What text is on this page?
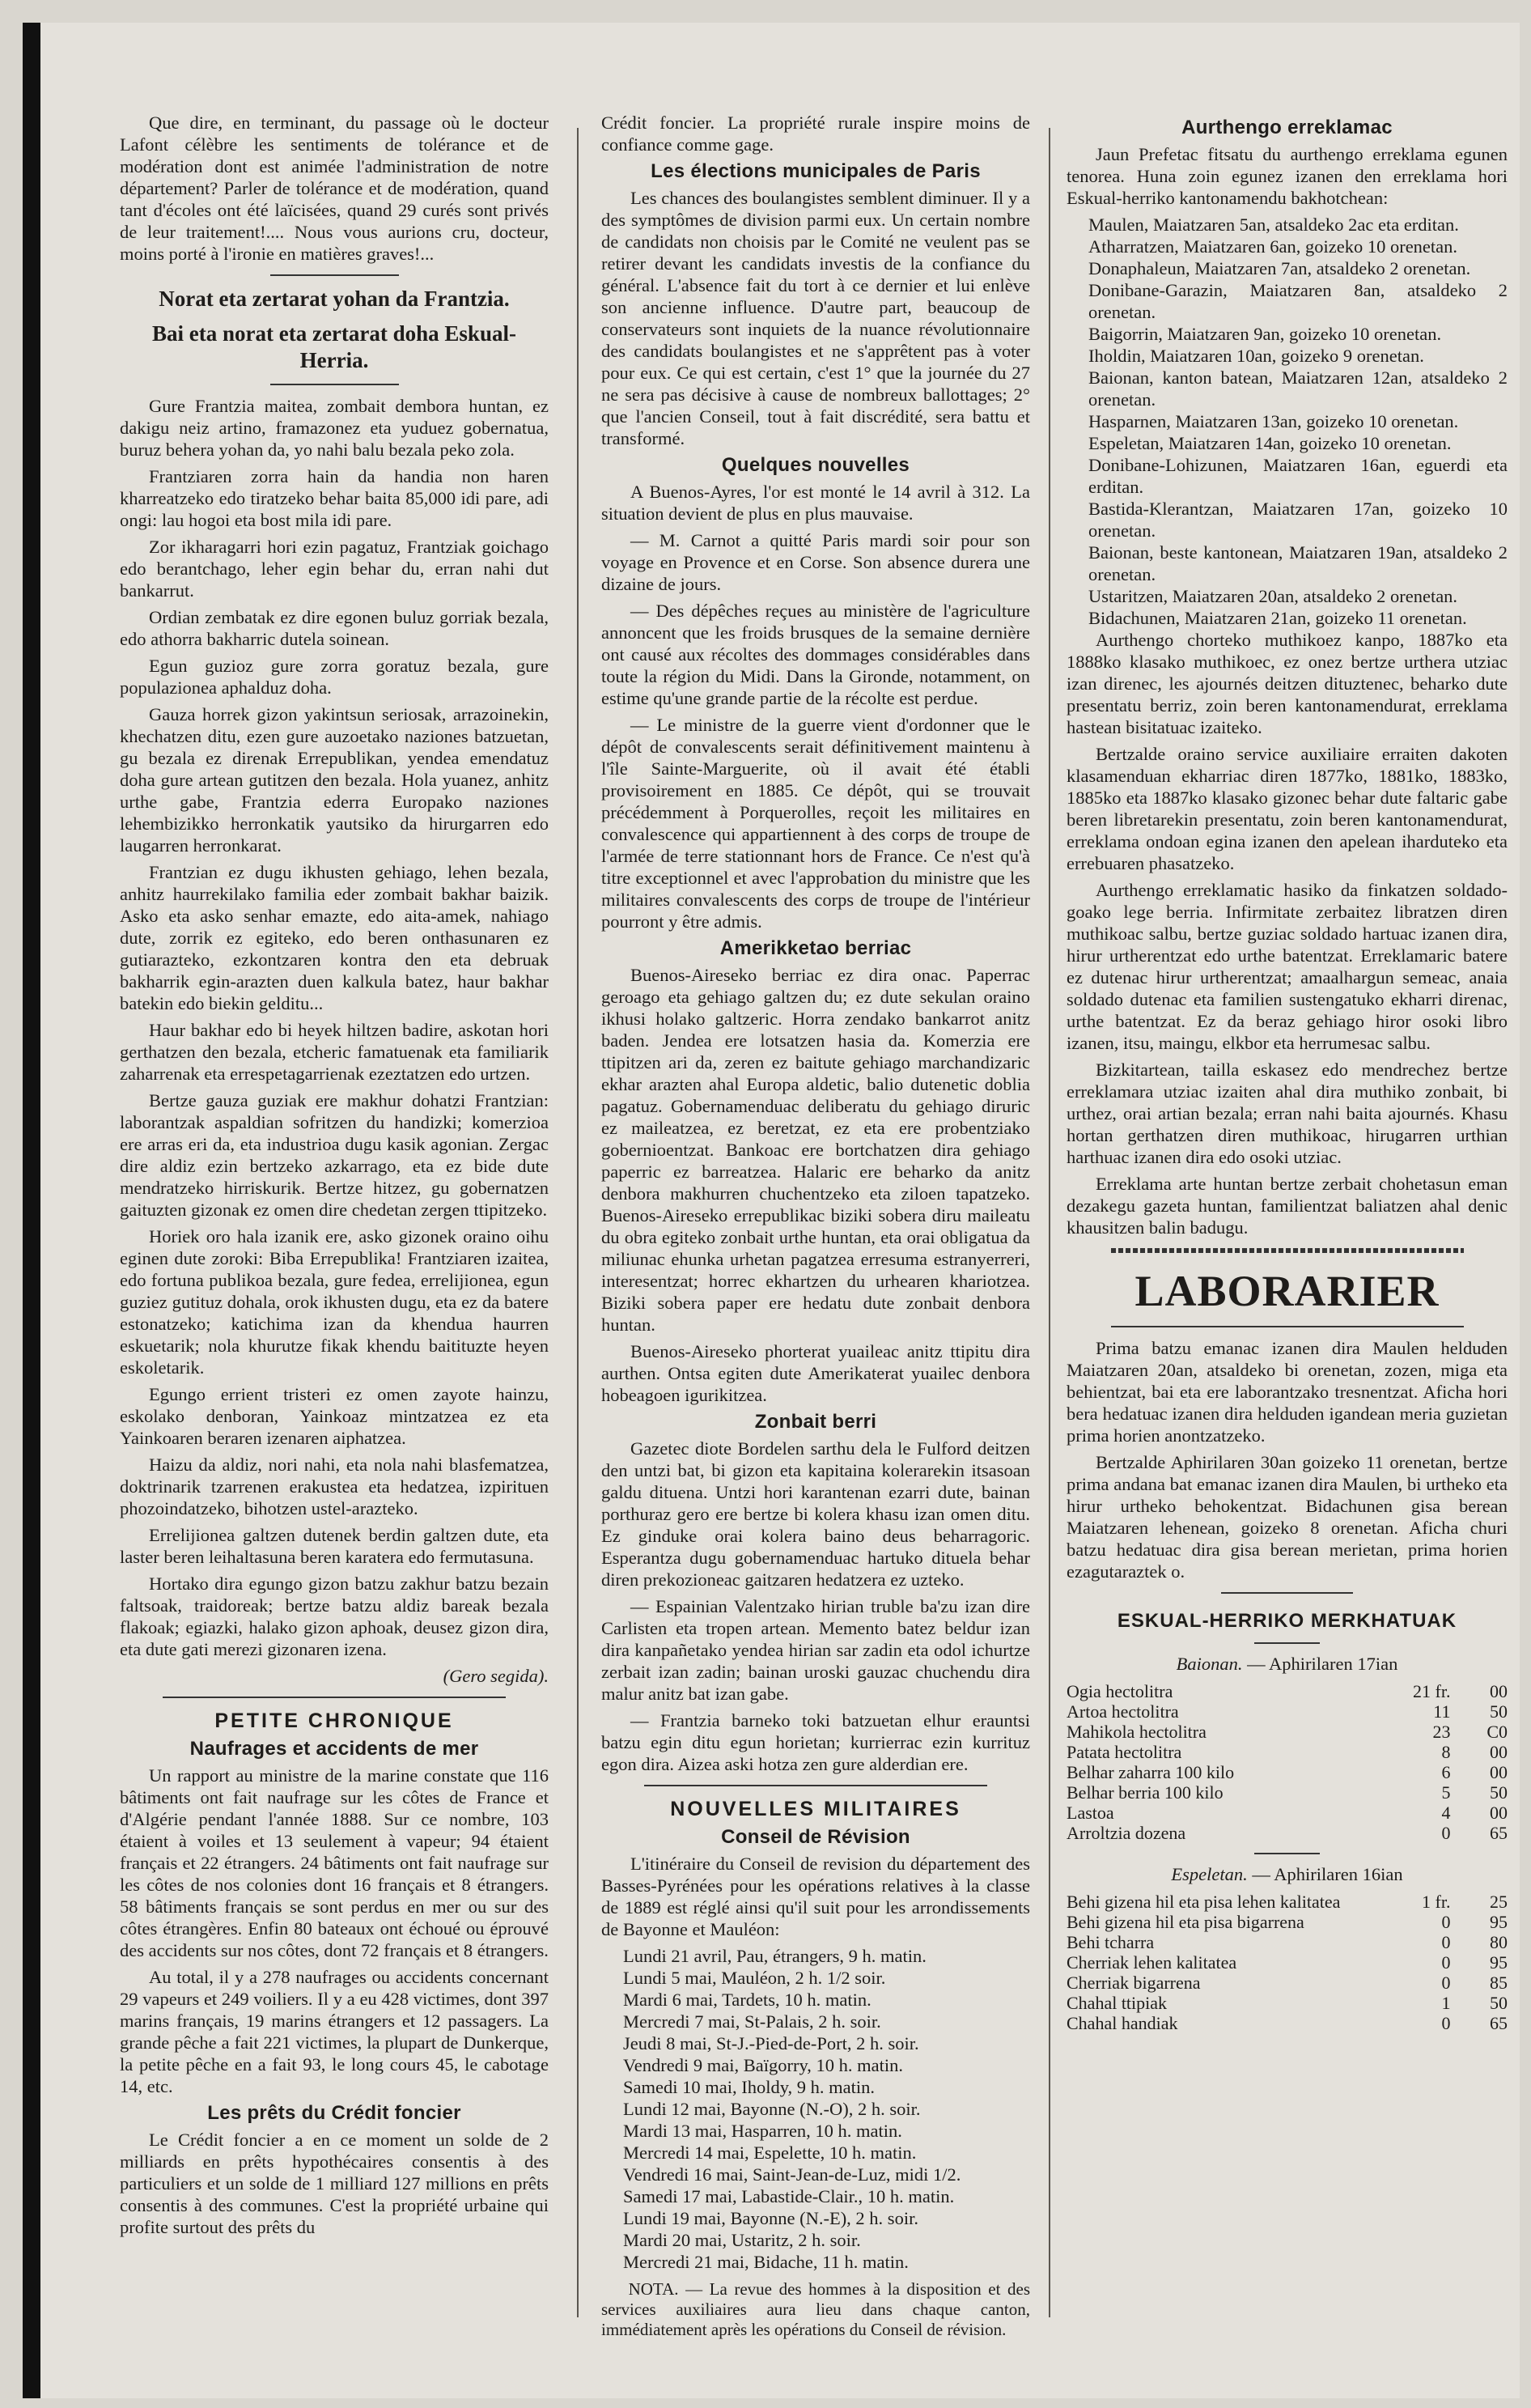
Que dire, en terminant, du passage où le docteur Lafont célèbre les sentiments de tolérance et de modération dont est animée l'administration de notre département? Parler de tolérance et de modération, quand tant d'écoles ont été laïcisées, quand 29 curés sont privés de leur traitement!.... Nous vous aurions cru, docteur, moins porté à l'ironie en matières graves!...

Norat eta zertarat yohan da Frantzia.
Bai eta norat eta zertarat doha Eskual-Herria.

Gure Frantzia maitea, zombait dembora huntan, ez dakigu neiz artino, framazonez eta yuduez gobernatua, buruz behera yohan da, yo nahi balu bezala peko zola.

Frantziaren zorra hain da handia non haren kharreatzeko edo tiratzeko behar baita 85,000 idi pare, adi ongi: lau hogoi eta bost mila idi pare.

Zor ikharagarri hori ezin pagatuz, Frantziak goichago edo berantchago, leher egin behar du, erran nahi dut bankarrut.

Ordian zembatak ez dire egonen buluz gorriak bezala, edo athorra bakharric dutela soinean.

Egun guzioz gure zorra goratuz bezala, gure populazionea aphalduz doha.

Gauza horrek gizon yakintsun seriosak, arrazoinekin, khechatzen ditu, ezen gure auzoetako naziones batzuetan, gu bezala ez direnak Errepublikan, yendea emendatuz doha gure artean gutitzen den bezala. Hola yuanez, anhitz urthe gabe, Frantzia ederra Europako naziones lehembizikko herronkatik yautsiko da hirurgarren edo laugarren herronkarat.

Frantzian ez dugu ikhusten gehiago, lehen bezala, anhitz haurrekilako familia eder zombait bakhar baizik. Asko eta asko senhar emazte, edo aita-amek, nahiago dute, zorrik ez egiteko, edo beren onthasunaren ez gutiarazteko, ezkontzaren kontra den eta debruak bakharrik egin-arazten duen kalkula batez, haur bakhar batekin edo biekin gelditu...

Haur bakhar edo bi heyek hiltzen badire, askotan hori gerthatzen den bezala, etcheric famatuenak eta familiarik zaharrenak eta errespetagarrienak ezeztatzen edo urtzen.

Bertze gauza guziak ere makhur dohatzi Frantzian: laborantzak aspaldian sofritzen du handizki; komerzioa ere arras eri da, eta industrioa dugu kasik agonian. Zergac dire aldiz ezin bertzeko azkarrago, eta ez bide dute mendratzeko hirriskurik. Bertze hitzez, gu gobernatzen gaituzten gizonak ez omen dire chedetan zergen ttipitzeko.

Horiek oro hala izanik ere, asko gizonek oraino oihu eginen dute zoroki: Biba Errepublika! Frantziaren izaitea, edo fortuna publikoa bezala, gure fedea, errelijionea, egun guziez gutituz dohala, orok ikhusten dugu, eta ez da batere estonatzeko; katichima izan da khendua haurren eskuetarik; nola khurutze fikak khendu baitituzte heyen eskoletarik.

Egungo errient tristeri ez omen zayote hainzu, eskolako denboran, Yainkoaz mintzatzea ez eta Yainkoaren beraren izenaren aiphatzea.

Haizu da aldiz, nori nahi, eta nola nahi blasfematzea, doktrinarik tzarrenen erakustea eta hedatzea, izpirituen phozoindatzeko, bihotzen ustel-arazteko.

Errelijionea galtzen dutenek berdin galtzen dute, eta laster beren leihaltasuna beren karatera edo fermutasuna.

Hortako dira egungo gizon batzu zakhur batzu bezain faltsoak, traidoreak; bertze batzu aldiz bareak bezala flakoak; egiazki, halako gizon aphoak, deusez gizon dira, eta dute gati merezi gizonaren izena.

(Gero segida).

PETITE CHRONIQUE
Naufrages et accidents de mer

Un rapport au ministre de la marine constate que 116 bâtiments ont fait naufrage sur les côtes de France et d'Algérie pendant l'année 1888. Sur ce nombre, 103 étaient à voiles et 13 seulement à vapeur; 94 étaient français et 22 étrangers. 24 bâtiments ont fait naufrage sur les côtes de nos colonies dont 16 français et 8 étrangers. 58 bâtiments français se sont perdus en mer ou sur des côtes étrangères. Enfin 80 bateaux ont échoué ou éprouvé des accidents sur nos côtes, dont 72 français et 8 étrangers.

Au total, il y a 278 naufrages ou accidents concernant 29 vapeurs et 249 voiliers. Il y a eu 428 victimes, dont 397 marins français, 19 marins étrangers et 12 passagers. La grande pêche a fait 221 victimes, la plupart de Dunkerque, la petite pêche en a fait 93, le long cours 45, le cabotage 14, etc.

Les prêts du Crédit foncier

Le Crédit foncier a en ce moment un solde de 2 milliards en prêts hypothécaires consentis à des particuliers et un solde de 1 milliard 127 millions en prêts consentis à des communes. C'est la propriété urbaine qui profite surtout des prêts du

Crédit foncier. La propriété rurale inspire moins de confiance comme gage.

Les élections municipales de Paris

Les chances des boulangistes semblent diminuer. Il y a des symptômes de division parmi eux. Un certain nombre de candidats non choisis par le Comité ne veulent pas se retirer devant les candidats investis de la confiance du général. L'absence fait du tort à ce dernier et lui enlève son ancienne influence. D'autre part, beaucoup de conservateurs sont inquiets de la nuance révolutionnaire des candidats boulangistes et ne s'apprêtent pas à voter pour eux. Ce qui est certain, c'est 1° que la journée du 27 ne sera pas décisive à cause de nombreux ballottages; 2° que l'ancien Conseil, tout à fait discrédité, sera battu et transformé.

Quelques nouvelles

A Buenos-Ayres, l'or est monté le 14 avril à 312. La situation devient de plus en plus mauvaise.

— M. Carnot a quitté Paris mardi soir pour son voyage en Provence et en Corse. Son absence durera une dizaine de jours.

— Des dépêches reçues au ministère de l'agriculture annoncent que les froids brusques de la semaine dernière ont causé aux récoltes des dommages considérables dans toute la région du Midi. Dans la Gironde, notamment, on estime qu'une grande partie de la récolte est perdue.

— Le ministre de la guerre vient d'ordonner que le dépôt de convalescents serait définitivement maintenu à l'île Sainte-Marguerite, où il avait été établi provisoirement en 1885. Ce dépôt, qui se trouvait précédemment à Porquerolles, reçoit les militaires en convalescence qui appartiennent à des corps de troupe de l'armée de terre stationnant hors de France. Ce n'est qu'à titre exceptionnel et avec l'approbation du ministre que les militaires convalescents des corps de troupe de l'intérieur pourront y être admis.

Amerikketao berriac

Buenos-Aireseko berriac ez dira onac. Paperrac geroago eta gehiago galtzen du; ez dute sekulan oraino ikhusi holako galtzeric. Horra zendako bankarrot anitz baden. Jendea ere lotsatzen hasia da. Komerzia ere ttipitzen ari da, zeren ez baitute gehiago marchandizaric ekhar arazten ahal Europa aldetic, balio dutenetic doblia pagatuz. Gobernamenduac deliberatu du gehiago diruric ez maileatzea, ez beretzat, ez eta ere probentziako gobernioentzat. Bankoac ere bortchatzen dira gehiago paperric ez barreatzea. Halaric ere beharko da anitz denbora makhurren chuchentzeko eta ziloen tapatzeko. Buenos-Aireseko errepublikac biziki sobera diru maileatu du obra egiteko zonbait urthe huntan, eta orai obligatua da miliunac ehunka urhetan pagatzea erresuma estranyerreri, interesentzat; horrec ekhartzen du urhearen khariotzea. Biziki sobera paper ere hedatu dute zonbait denbora huntan.

Buenos-Aireseko phorterat yuaileac anitz ttipitu dira aurthen. Ontsa egiten dute Amerikaterat yuailec denbora hobeagoen igurikitzea.

Zonbait berri

Gazetec diote Bordelen sarthu dela le Fulford deitzen den untzi bat, bi gizon eta kapitaina kolerarekin itsasoan galdu dituena. Untzi hori karantenan ezarri dute, bainan porthuraz gero ere bertze bi kolera khasu izan omen ditu. Ez ginduke orai kolera baino deus beharragoric. Esperantza dugu gobernamenduac hartuko dituela behar diren prekozioneac gaitzaren hedatzera ez uzteko.

— Espainian Valentzako hirian truble ba'zu izan dire Carlisten eta tropen artean. Memento batez beldur izan dira kanpañetako yendea hirian sar zadin eta odol ichurtze zerbait izan zadin; bainan uroski gauzac chuchendu dira malur anitz bat izan gabe.

— Frantzia barneko toki batzuetan elhur erauntsi batzu egin ditu egun horietan; kurrierrac ezin kurrituz egon dira. Aizea aski hotza zen gure alderdian ere.

NOUVELLES MILITAIRES
Conseil de Révision

L'itinéraire du Conseil de revision du département des Basses-Pyrénées pour les opérations relatives à la classe de 1889 est réglé ainsi qu'il suit pour les arrondissements de Bayonne et Mauléon:

Lundi 21 avril, Pau, étrangers, 9 h. matin.

Lundi 5 mai, Mauléon, 2 h. 1/2 soir.

Mardi 6 mai, Tardets, 10 h. matin.

Mercredi 7 mai, St-Palais, 2 h. soir.

Jeudi 8 mai, St-J.-Pied-de-Port, 2 h. soir.

Vendredi 9 mai, Baïgorry, 10 h. matin.

Samedi 10 mai, Iholdy, 9 h. matin.

Lundi 12 mai, Bayonne (N.-O), 2 h. soir.

Mardi 13 mai, Hasparren, 10 h. matin.

Mercredi 14 mai, Espelette, 10 h. matin.

Vendredi 16 mai, Saint-Jean-de-Luz, midi 1/2.

Samedi 17 mai, Labastide-Clair., 10 h. matin.

Lundi 19 mai, Bayonne (N.-E), 2 h. soir.

Mardi 20 mai, Ustaritz, 2 h. soir.

Mercredi 21 mai, Bidache, 11 h. matin.

NOTA. — La revue des hommes à la disposition et des services auxiliaires aura lieu dans chaque canton, immédiatement après les opérations du Conseil de révision.

Aurthengo erreklamac

Jaun Prefetac fitsatu du aurthengo erreklama egunen tenorea. Huna zoin egunez izanen den erreklama hori Eskual-herriko kantonamendu bakhotchean:

Maulen, Maiatzaren 5an, atsaldeko 2ac eta erditan.

Atharratzen, Maiatzaren 6an, goizeko 10 orenetan.

Donaphaleun, Maiatzaren 7an, atsaldeko 2 orenetan.

Donibane-Garazin, Maiatzaren 8an, atsaldeko 2 orenetan.

Baigorrin, Maiatzaren 9an, goizeko 10 orenetan.

Iholdin, Maiatzaren 10an, goizeko 9 orenetan.

Baionan, kanton batean, Maiatzaren 12an, atsaldeko 2 orenetan.

Hasparnen, Maiatzaren 13an, goizeko 10 orenetan.

Espeletan, Maiatzaren 14an, goizeko 10 orenetan.

Donibane-Lohizunen, Maiatzaren 16an, eguerdi eta erditan.

Bastida-Klerantzan, Maiatzaren 17an, goizeko 10 orenetan.

Baionan, beste kantonean, Maiatzaren 19an, atsaldeko 2 orenetan.

Ustaritzen, Maiatzaren 20an, atsaldeko 2 orenetan.

Bidachunen, Maiatzaren 21an, goizeko 11 orenetan.

Aurthengo chorteko muthikoez kanpo, 1887ko eta 1888ko klasako muthikoec, ez onez bertze urthera utziac izan direnec, les ajournés deitzen dituztenec, beharko dute presentatu berriz, zoin beren kantonamendurat, erreklama hastean bisitatuac izaiteko.

Bertzalde oraino service auxiliaire erraiten dakoten klasamenduan ekharriac diren 1877ko, 1881ko, 1883ko, 1885ko eta 1887ko klasako gizonec behar dute faltaric gabe beren libretarekin presentatu, zoin beren kantonamendurat, erreklama ondoan egina izanen den apelean iharduteko eta errebuaren phasatzeko.

Aurthengo erreklamatic hasiko da finkatzen soldado-goako lege berria. Infirmitate zerbaitez libratzen diren muthikoac salbu, bertze guziac soldado hartuac izanen dira, hirur urtherentzat edo urthe batentzat. Erreklamaric batere ez dutenac hirur urtherentzat; amaalhargun semeac, anaia soldado dutenac eta familien sustengatuko ekharri direnac, urthe batentzat. Ez da beraz gehiago hiror osoki libro izanen, itsu, maingu, elkbor eta herrumesac salbu.

Bizkitartean, tailla eskasez edo mendrechez bertze erreklamara utziac izaiten ahal dira muthiko zonbait, bi urthez, orai artian bezala; erran nahi baita ajournés. Khasu hortan gerthatzen diren muthikoac, hirugarren urthian harthuac izanen dira edo osoki utziac.

Erreklama arte huntan bertze zerbait chohetasun eman dezakegu gazeta huntan, familientzat baliatzen ahal denic khausitzen balin badugu.

LABORARIER

Prima batzu emanac izanen dira Maulen helduden Maiatzaren 20an, atsaldeko bi orenetan, zozen, miga eta behientzat, bai eta ere laborantzako tresnentzat. Aficha hori bera hedatuac izanen dira helduden igandean meria guzietan prima horien anontzatzeko.

Bertzalde Aphirilaren 30an goizeko 11 orenetan, bertze prima andana bat emanac izanen dira Maulen, bi urtheko eta hirur urtheko behokentzat. Bidachunen gisa berean Maiatzaren lehenean, goizeko 8 orenetan. Aficha churi batzu hedatuac dira gisa berean merietan, prima horien ezagutaraztek o.

ESKUAL-HERRIKO MERKHATUAK
Baionan. — Aphirilaren 17ian
Ogia hectolitra	21 fr.	00
Artoa hectolitra	11	50
Mahikola hectolitra	23	C0
Patata hectolitra	8	00
Belhar zaharra 100 kilo	6	00
Belhar berria 100 kilo	5	50
Lastoa	4	00
Arroltzia dozena	0	65
Espeletan. — Aphirilaren 16ian
Behi gizena hil eta pisa lehen kalitatea	1 fr.	25
Behi gizena hil eta pisa bigarrena	0	95
Behi tcharra	0	80
Cherriak lehen kalitatea	0	95
Cherriak bigarrena	0	85
Chahal ttipiak	1	50
Chahal handiak	0	65
